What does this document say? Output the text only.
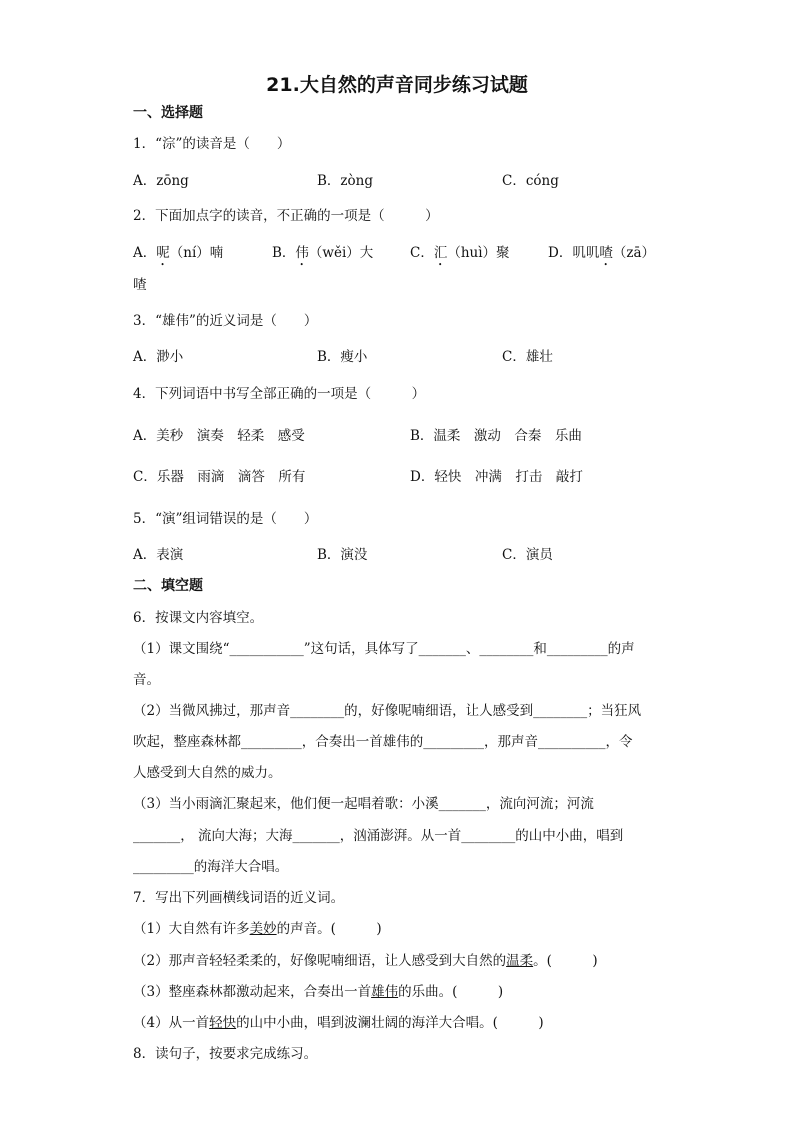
21.大自然的声音同步练习试题
一、选择题
1．“淙”的读音是（　　）
A．zōng	B．zòng	C．cóng
2．下面加点字的读音，不正确的一项是（　　　）
A．呢（ní）喃	B．伟（wěi）大	C．汇（huì）聚	D．叽叽喳（zā）
喳
3．“雄伟”的近义词是（　　）
A．渺小	B．瘦小	C．雄壮
4．下列词语中书写全部正确的一项是（　　　）
A．美秒　演奏　轻柔　感受	B．温柔　激动　合秦　乐曲
C．乐器　雨滴　滴答　所有	D．轻快　冲满　打击　敲打
5．“演”组词错误的是（　　）
A．表演	B．演没	C．演员
二、填空题
6．按课文内容填空。
（1）课文围绕“___________”这句话，具体写了_______、________和_________的声
音。
（2）当微风拂过，那声音________的，好像呢喃细语，让人感受到________；当狂风
吹起，整座森林都_________，合奏出一首雄伟的_________，那声音__________，令
人感受到大自然的威力。
（3）当小雨滴汇聚起来，他们便一起唱着歌：小溪_______，流向河流；河流
_______， 流向大海；大海_______，汹涌澎湃。从一首________的山中小曲，唱到
_________的海洋大合唱。
7．写出下列画横线词语的近义词。
（1）大自然有许多美妙的声音。(　　　)
（2）那声音轻轻柔柔的，好像呢喃细语，让人感受到大自然的温柔。(　　　)
（3）整座森林都激动起来，合奏出一首雄伟的乐曲。(　　　)
（4）从一首轻快的山中小曲，唱到波澜壮阔的海洋大合唱。(　　　)
8．读句子，按要求完成练习。
